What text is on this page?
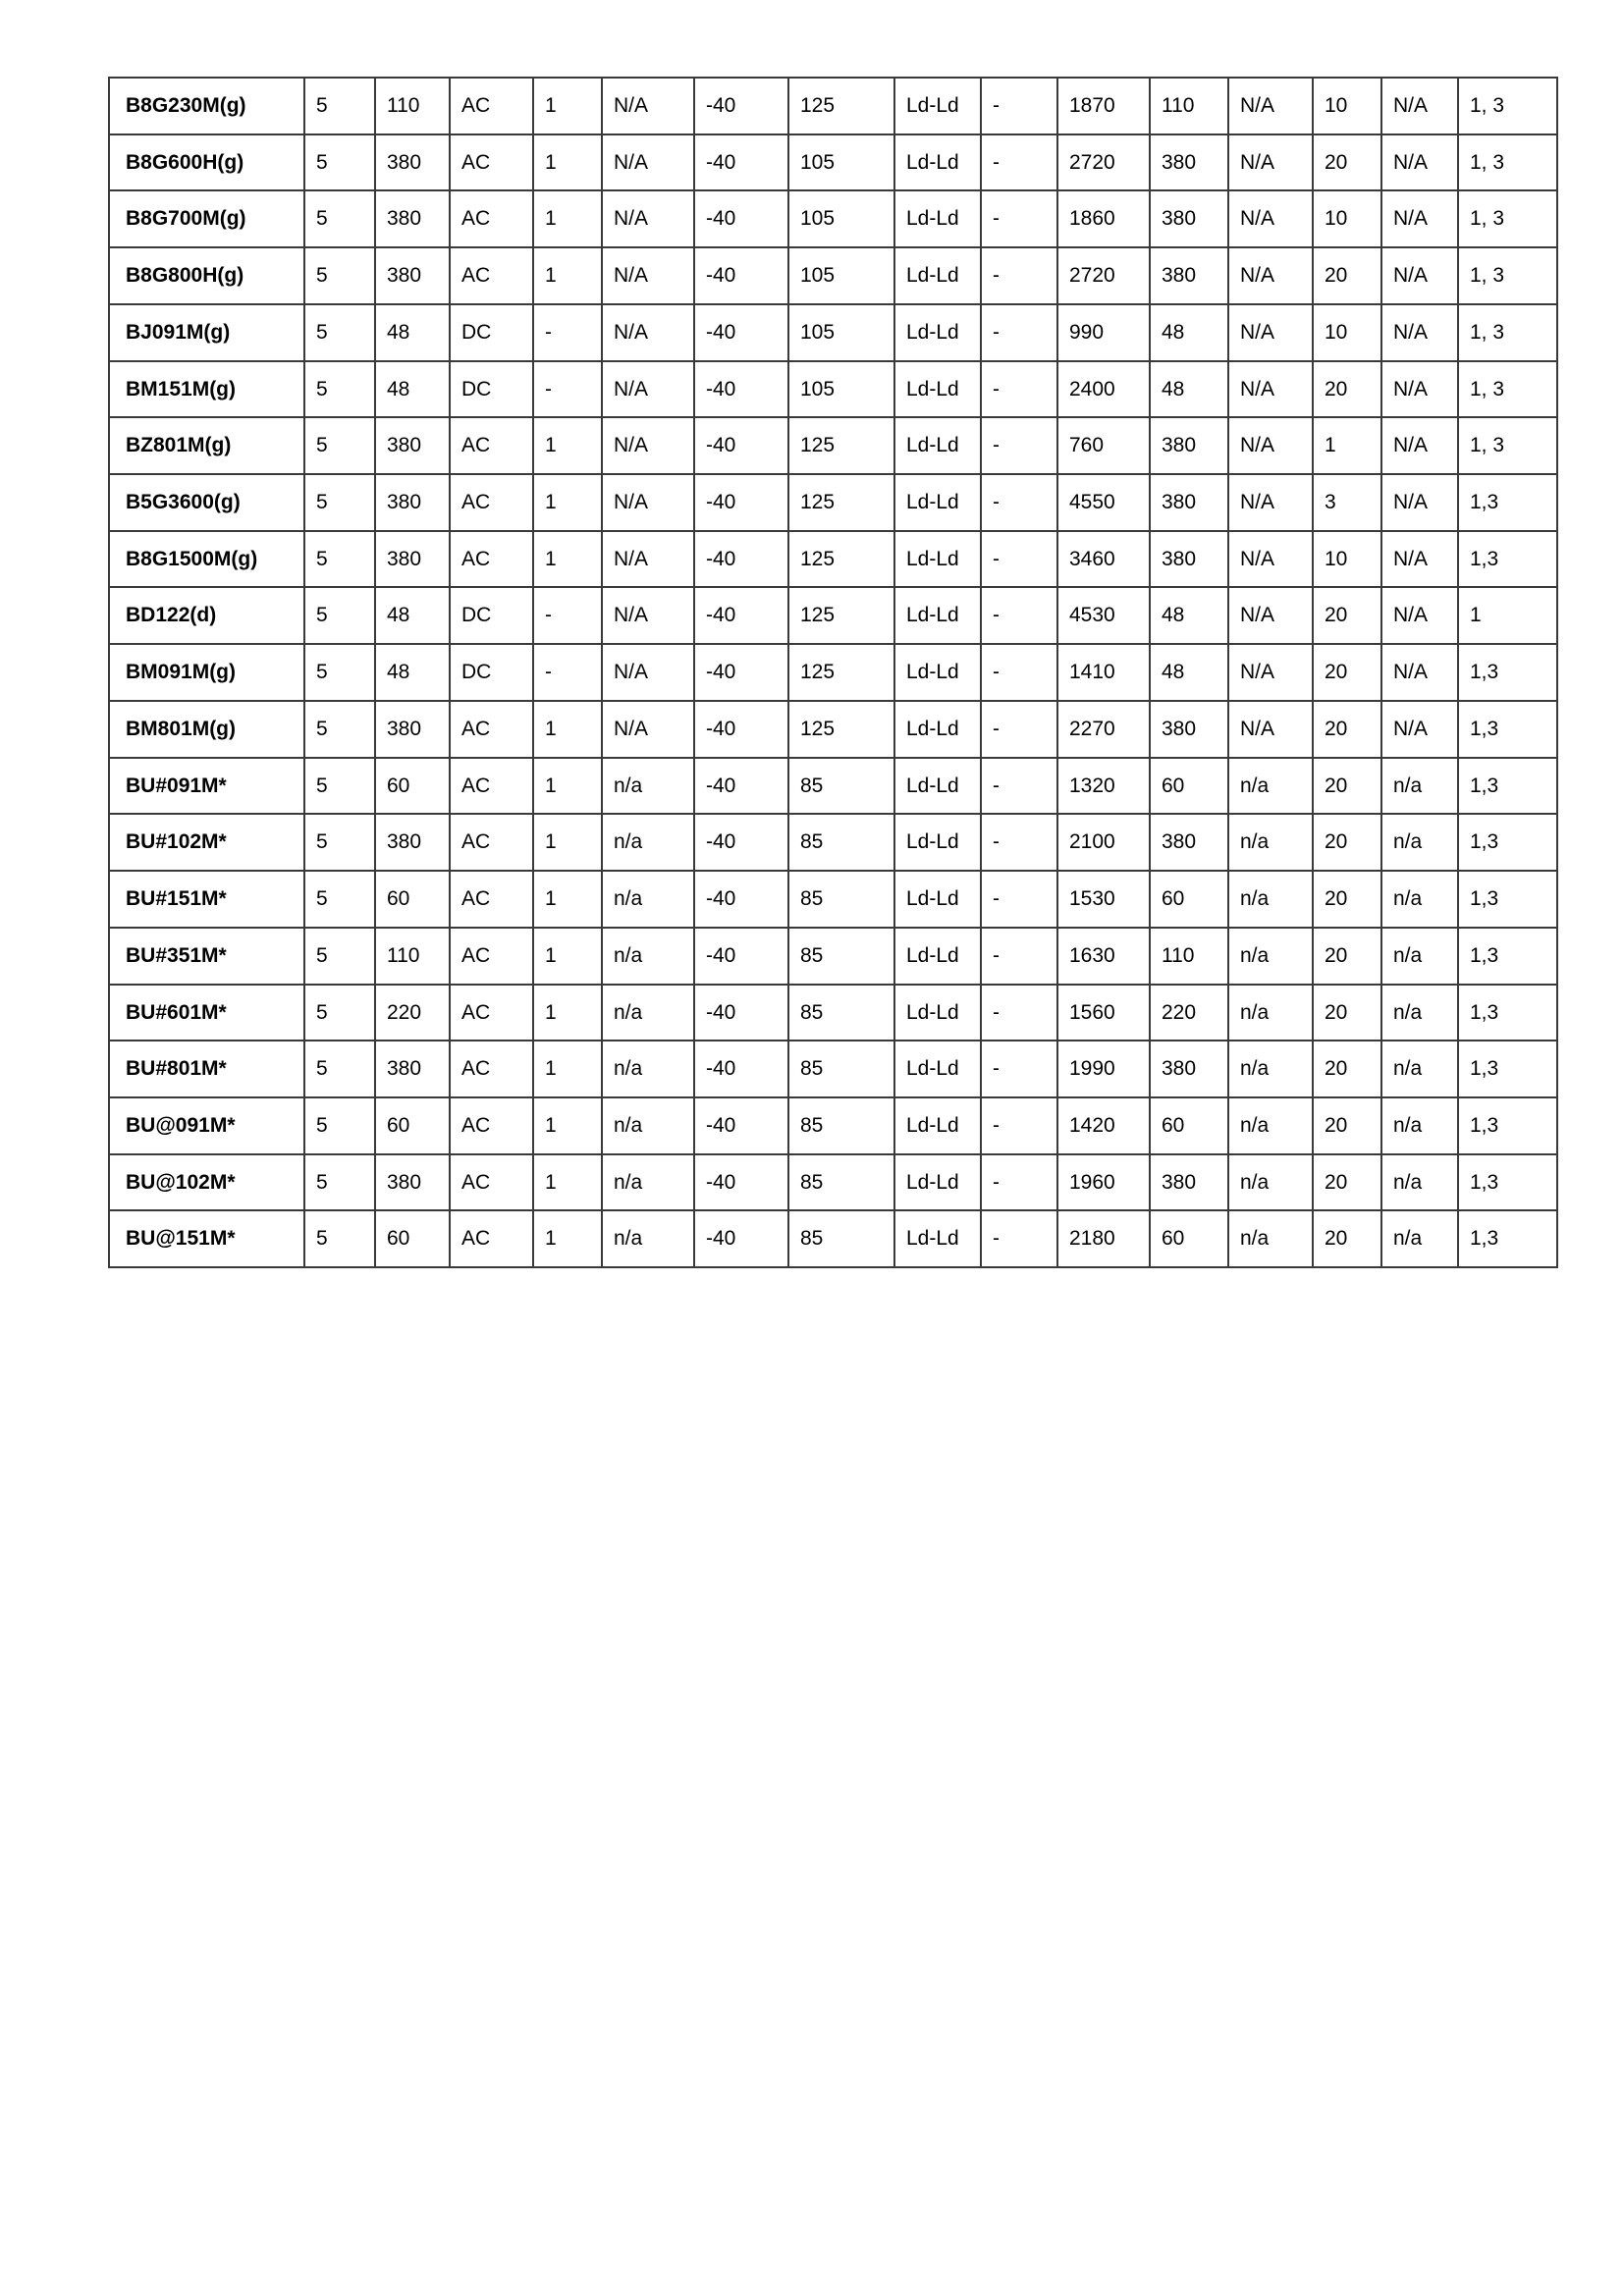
B8G230M(g)	5	110	AC	1	N/A	-40	125	Ld-Ld	-	1870	110	N/A	10	N/A	1, 3
B8G600H(g)	5	380	AC	1	N/A	-40	105	Ld-Ld	-	2720	380	N/A	20	N/A	1, 3
B8G700M(g)	5	380	AC	1	N/A	-40	105	Ld-Ld	-	1860	380	N/A	10	N/A	1, 3
B8G800H(g)	5	380	AC	1	N/A	-40	105	Ld-Ld	-	2720	380	N/A	20	N/A	1, 3
BJ091M(g)	5	48	DC	-	N/A	-40	105	Ld-Ld	-	990	48	N/A	10	N/A	1, 3
BM151M(g)	5	48	DC	-	N/A	-40	105	Ld-Ld	-	2400	48	N/A	20	N/A	1, 3
BZ801M(g)	5	380	AC	1	N/A	-40	125	Ld-Ld	-	760	380	N/A	1	N/A	1, 3
B5G3600(g)	5	380	AC	1	N/A	-40	125	Ld-Ld	-	4550	380	N/A	3	N/A	1,3
B8G1500M(g)	5	380	AC	1	N/A	-40	125	Ld-Ld	-	3460	380	N/A	10	N/A	1,3
BD122(d)	5	48	DC	-	N/A	-40	125	Ld-Ld	-	4530	48	N/A	20	N/A	1
BM091M(g)	5	48	DC	-	N/A	-40	125	Ld-Ld	-	1410	48	N/A	20	N/A	1,3
BM801M(g)	5	380	AC	1	N/A	-40	125	Ld-Ld	-	2270	380	N/A	20	N/A	1,3
BU#091M*	5	60	AC	1	n/a	-40	85	Ld-Ld	-	1320	60	n/a	20	n/a	1,3
BU#102M*	5	380	AC	1	n/a	-40	85	Ld-Ld	-	2100	380	n/a	20	n/a	1,3
BU#151M*	5	60	AC	1	n/a	-40	85	Ld-Ld	-	1530	60	n/a	20	n/a	1,3
BU#351M*	5	110	AC	1	n/a	-40	85	Ld-Ld	-	1630	110	n/a	20	n/a	1,3
BU#601M*	5	220	AC	1	n/a	-40	85	Ld-Ld	-	1560	220	n/a	20	n/a	1,3
BU#801M*	5	380	AC	1	n/a	-40	85	Ld-Ld	-	1990	380	n/a	20	n/a	1,3
BU@091M*	5	60	AC	1	n/a	-40	85	Ld-Ld	-	1420	60	n/a	20	n/a	1,3
BU@102M*	5	380	AC	1	n/a	-40	85	Ld-Ld	-	1960	380	n/a	20	n/a	1,3
BU@151M*	5	60	AC	1	n/a	-40	85	Ld-Ld	-	2180	60	n/a	20	n/a	1,3
